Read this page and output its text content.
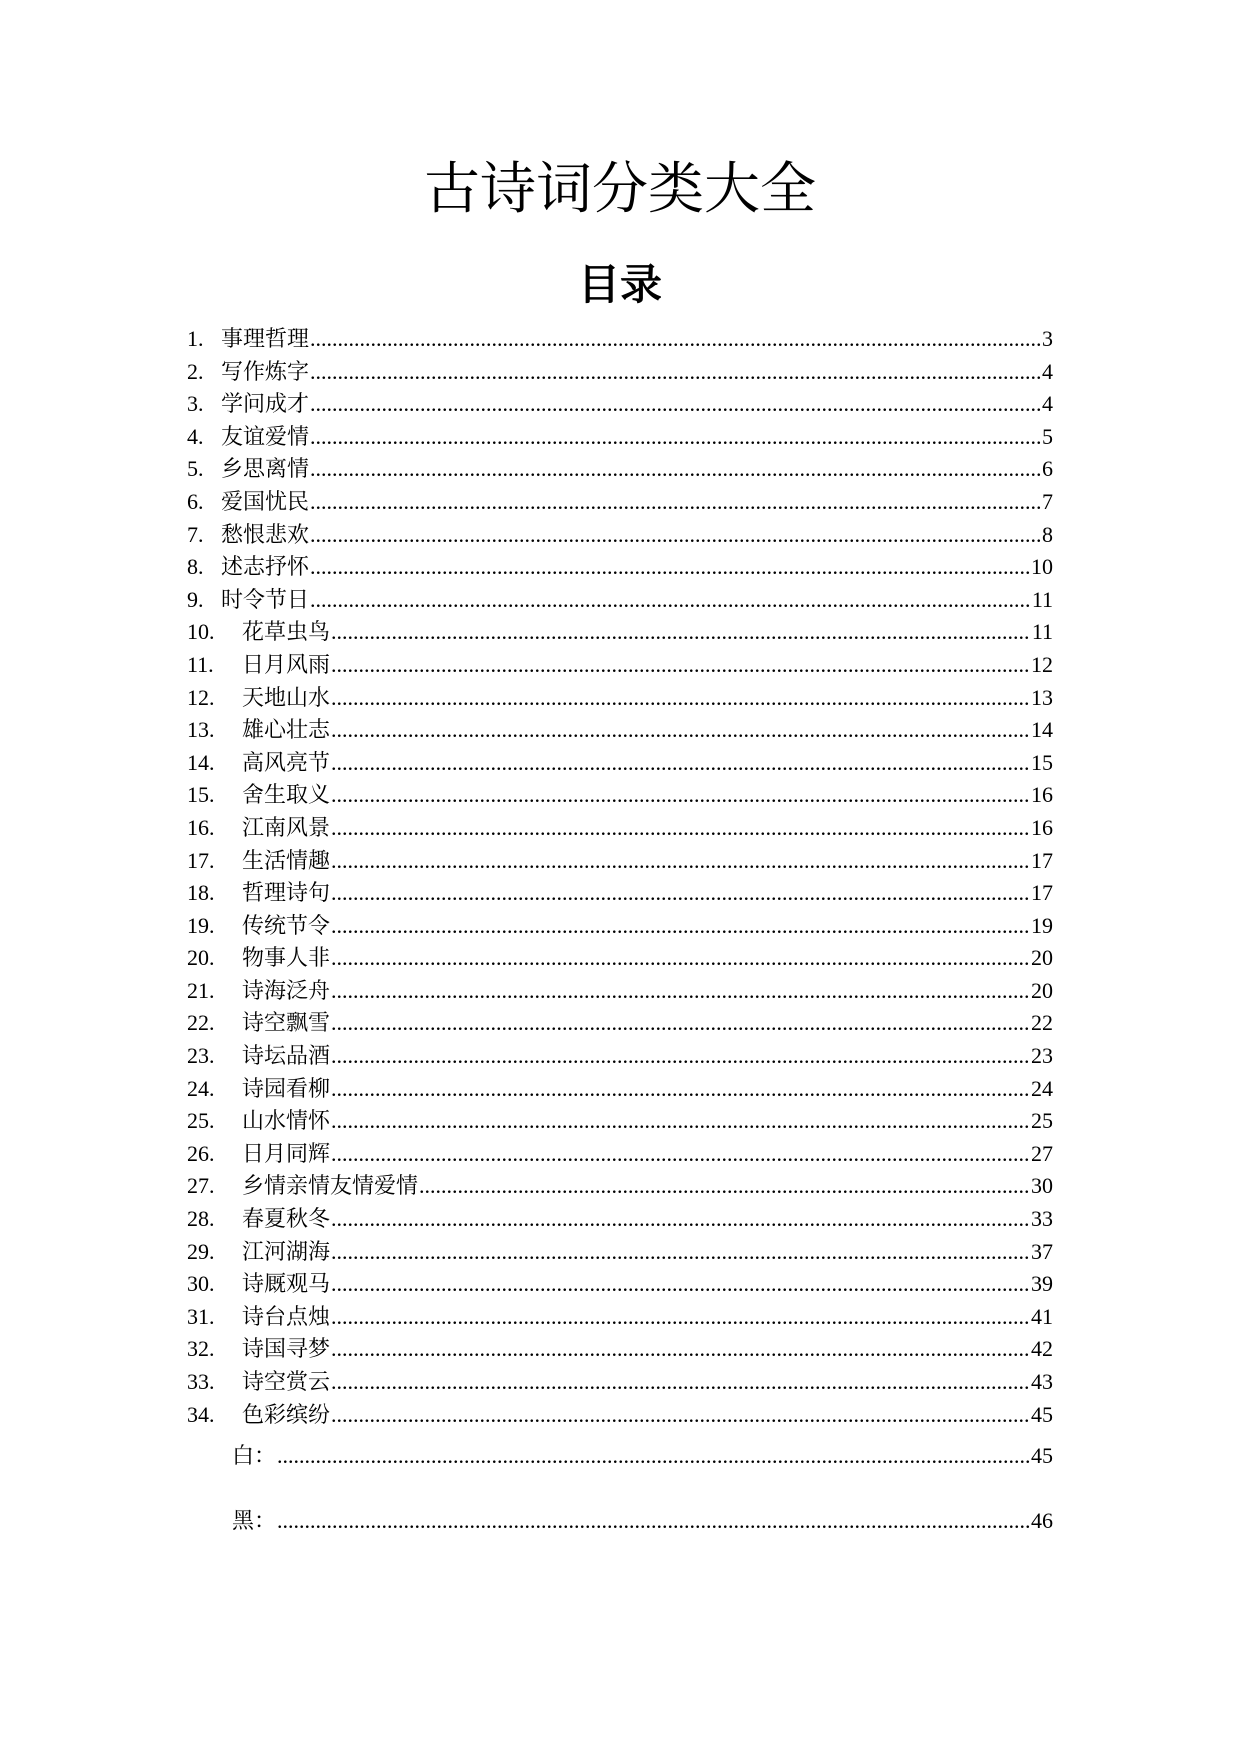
古诗词分类大全
目录
1. 事理哲理 .....	3
2. 写作炼字 .....	4
3. 学问成才 .....	4
4. 友谊爱情 .....	5
5. 乡思离情 .....	6
6. 爱国忧民 .....	7
7. 愁恨悲欢 .....	8
8. 述志抒怀 .....	10
9. 时令节日 .....	11
10.	花草虫鸟 .....	11
11.	日月风雨 .....	12
12.	天地山水 .....	13
13.	雄心壮志 .....	14
14.	高风亮节 .....	15
15.	舍生取义 .....	16
16.	江南风景 .....	16
17.	生活情趣 .....	17
18.	哲理诗句 .....	17
19.	传统节令 .....	19
20.	物事人非 .....	20
21.	诗海泛舟 .....	20
22.	诗空飘雪 .....	22
23.	诗坛品酒 .....	23
24.	诗园看柳 .....	24
25.	山水情怀 .....	25
26.	日月同辉 .....	27
27.	乡情亲情友情爱情 .....	30
28.	春夏秋冬 .....	33
29.	江河湖海 .....	37
30.	诗厩观马 .....	39
31.	诗台点烛 .....	41
32.	诗国寻梦 .....	42
33.	诗空赏云 .....	43
34.	色彩缤纷 .....	45
白： .....	45
黑： .....	46
